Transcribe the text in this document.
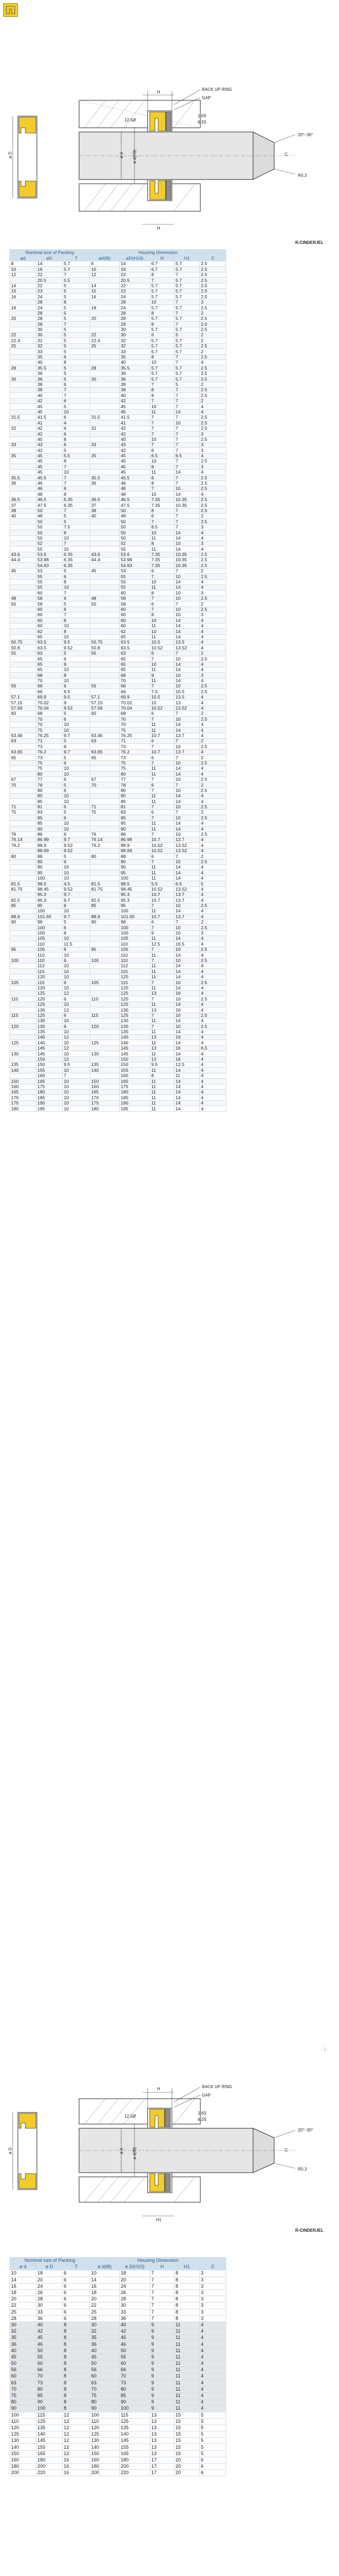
H
H
12.5Ø
BACK UP RING
GAP
1.6S
6.3S
20°~30°
R0.3
C
ø d ø d(H9)
ø D
R-CINDERJEL
Nominal size of Packing			Housing Dimension				
ød	øD	T	ød(f8)	øD(H10)	H	H1	C
8	14	5.7	6	14	6.7	5.7	2.5
10	16	5.7	10	16	6.7	5.7	2.5
12	22	7	12	22	8	7	2.5
	20.5	5.5		20.5	7	5.7	2.5
14	22	5	14	22	5.7	5.7	2.5
15	23	5	15	23	5.7	5.7	2.5
16	24	5	16	24	5.7	5.7	2.5
	28	8		28	10	7	3
18	24	5	18	24	5.7	5.7	2.5
	28	5		28	8	7	2
20	28	5	20	28	5.7	5.7	2.5
	28	7		28	8	7	2.5
	30	5		30	5.7	5.7	2.5
22	30	5	22	30	6	5	2
22.4	32	5	22.4	32	5.7	5.7	2
25	32	5	25	32	5.7	5.7	2.5
	33	5		33	5.7	5.7	2
	35	6		35	8	7	2.5
	40	8		40	10	7	4
28	35.5	5	28	35.5	5.7	5.7	2.5
	36	5		36	5.7	5.7	2.5
30	36	5	30	36	5.7	5.7	2.5
	38	6		38	7	5	2
	38	7		38	8	7	2.5
	40	7		40	8	7	2.5
	42	6		42	7	7	2
	45	5		45	10	7	4
	45	10		45	11	14	4
31.5	41.5	6	31.5	41.5	7	7	2.5
	41	4		41	7	10	2.5
32	42	6	32	42	7	7	2.5
	42	6		42	7	7	3
	40	8		40	10	7	2.5
33	43	6	33	43	7	7	3
	42	5		42	6	7	3
35	45	5.5	35	45	6.5	6.5	4
	45	8		45	10	7	2.5
	45	7		45	8	7	3
	45	10		45	11	14	4
35.5	45.5	7	35.5	45.5	8	7	2.5
36	46	7	36	46	8	7	2.5
	46	6		46	7	10	2.5
	48	8		48	10	14	4
36.5	46.5	6.35	36.5	46.5	7.35	10.35	2.5
37	47.5	6.35	37	47.5	7.35	10.35	2.5
38	50	7	38	50	8	7	2.5
40	48	5	40	48	6	7	2
	50	5		50	7	7	2.5
	50	7.5		50	8.5	7	3
	50	8		50	10	14	4
	50	10		50	11	14	4
	52	7		52	8	10	3
	55	10		55	11	14	4
43.6	53.6	6.35	43.6	53.6	7.35	10.35	2.5
44.4	53.98	6.35	44.4	53.98	7.35	10.35	2.5
	54.63	6.35		54.63	7.35	10.35	2.5
45	53	5	45	53	6	7	2
	55	6		55	7	10	2.5
	55	8		55	10	14	4
	55	10		55	11	14	4
	60	7		60	8	10	3
48	58	6	48	58	7	10	2.5
50	58	5	50	58	6	7	2
	60	6		60	7	10	2.5
	60	7		60	8	10	3
	60	8		60	10	14	4
	60	10		60	11	14	4
	62	8		62	10	14	4
	65	10		65	11	14	4
50.75	63.5	9.5	50.75	63.5	10.5	13.5	4
50.8	63.5	9.52	50.8	63.5	10.52	13.52	4
55	63	5	55	63	6	7	2
	65	6		65	7	10	2.5
	65	8		65	10	14	4
	65	10		65	11	14	4
	68	8		68	9	10	3
	70	10		70	11	14	4
56	66	6	56	66	7	10	2.5
	66	9.5		66	7.5	10.5	2.5
57.1	69.9	9.5	57.1	69.9	10.5	13.5	4
57.15	70.02	9	57.15	70.02	10	13	4
57.56	70.04	9.52	57.56	70.04	10.52	13.52	4
60	68	5	60	68	6	7	2
	70	6		70	7	10	2.5
	70	10		70	11	14	4
	75	10		75	11	14	4
63.46	76.25	9.7	63.46	76.25	10.7	13.7	4
63	71	5	63	71	6	7	2
	73	6		73	7	10	2.5
63.65	76.2	9.7	63.65	76.2	10.7	13.7	4
65	73	5	65	73	6	7	2
	75	6		75	7	10	2.5
	75	10		75	11	14	4
	80	10		80	11	14	4
67	77	6	67	77	7	10	2.5
70	78	5	70	78	6	7	2
	80	6		80	7	10	2.5
	80	10		80	11	14	4
	85	10		85	11	14	4
71	81	6	71	81	7	10	2.5
75	83	5	75	83	6	7	2
	85	6		85	7	10	2.5
	85	10		85	11	14	4
	90	10		90	11	14	4
76	86	6	76	86	7	10	2.5
76.14	86.99	9.7	76.14	86.99	10.7	13.7	4
76.2	88.9	9.52	76.2	88.9	10.52	13.52	4
	88.69	9.52		88.69	10.52	13.52	4
80	88	5	80	88	6	7	2
	90	6		90	7	10	2.5
	90	10		90	11	14	4
	95	10		95	11	14	4
	100	10		100	11	14	4
81.5	98.5	4.5	81.5	98.5	5.5	6.5	5
81.75	98.45	9.52	81.75	98.45	10.52	13.52	4
	95.3	9.7		95.3	10.7	13.7	4
82.5	95.3	9.7	82.5	95.3	10.7	13.7	4
85	95	6	85	95	7	10	2.5
	100	10		100	11	14	4
88.9	101.65	9.7	88.9	101.65	10.7	13.7	4
90	98	5	90	98	6	7	2
	100	6		100	7	10	2.5
	100	8		100	9	10	3
	105	10		105	11	14	4
	110	11.5		110	12.5	16.5	4
95	105	6	95	105	7	10	2.5
	110	10		110	11	14	4
100	110	6	100	110	7	10	2.5
	112	10		112	11	14	4
	115	10		115	11	14	4
	120	10		120	11	14	4
105	115	6	105	115	7	10	2.5
	120	10		120	11	14	4
	125	12		125	13	16	4
110	120	6	110	120	7	10	2.5
	125	10		125	11	14	4
	130	12		130	13	16	4
115	125	6	115	125	7	10	2.5
	130	10		130	11	14	4
120	130	6	120	130	7	10	2.5
	135	10		135	11	14	4
	140	12		140	13	16	4
125	140	10	125	140	11	14	4
	145	12		145	13	16	6.5
130	145	10	130	145	11	14	4
	150	12		150	13	16	4
135	150	9.5	135	150	9.5	12.5	4
140	155	10	140	155	11	14	4
	160	7		160	8	11	4
150	165	10	150	165	11	14	4
160	175	10	160	175	11	14	4
165	180	10	165	180	11	14	4
170	185	10	170	185	11	14	4
175	190	10	175	190	11	14	4
180	195	10	180	195	11	14	4
- 1 -
H
H1
12.5Ø
BACK UP RING
GAP
1.6S
6.3S
20°~30°
R0.3
C
ø d ø d(f8)
ø D
R-CINDERJEL
Nominal size of Packing			Housing Dimension				
ø d	ø D	T	ø d(f8)	ø D(H10)	H	H1	C
10	18	6	10	18	7	8	3
14	20	6	14	20	7	8	3
16	24	6	16	24	7	8	3
18	26	6	18	26	7	8	3
20	28	6	20	28	7	8	3
22	30	6	22	30	7	8	3
25	33	6	25	33	7	8	3
28	36	6	28	36	7	8	3
30	40	8	30	40	9	11	4
32	42	8	32	42	9	11	4
35	45	8	35	45	9	11	4
36	46	8	36	46	9	11	4
40	50	8	40	50	9	11	4
45	55	8	45	55	9	11	4
50	60	8	50	60	9	11	4
56	66	8	56	66	9	11	4
60	70	8	60	70	9	11	4
63	73	8	63	73	9	11	4
70	80	8	70	80	9	11	4
75	85	8	75	85	9	11	4
80	90	8	80	90	9	11	4
90	100	8	90	100	9	11	4
100	115	12	100	115	13	15	5
110	125	12	110	125	13	15	5
120	135	12	120	135	13	15	5
125	140	12	125	140	13	15	5
130	145	12	130	145	13	15	5
140	155	12	140	155	13	15	5
150	165	12	150	165	13	15	5
160	180	16	160	180	17	20	6
180	200	16	180	200	17	20	6
200	220	16	200	220	17	20	6
